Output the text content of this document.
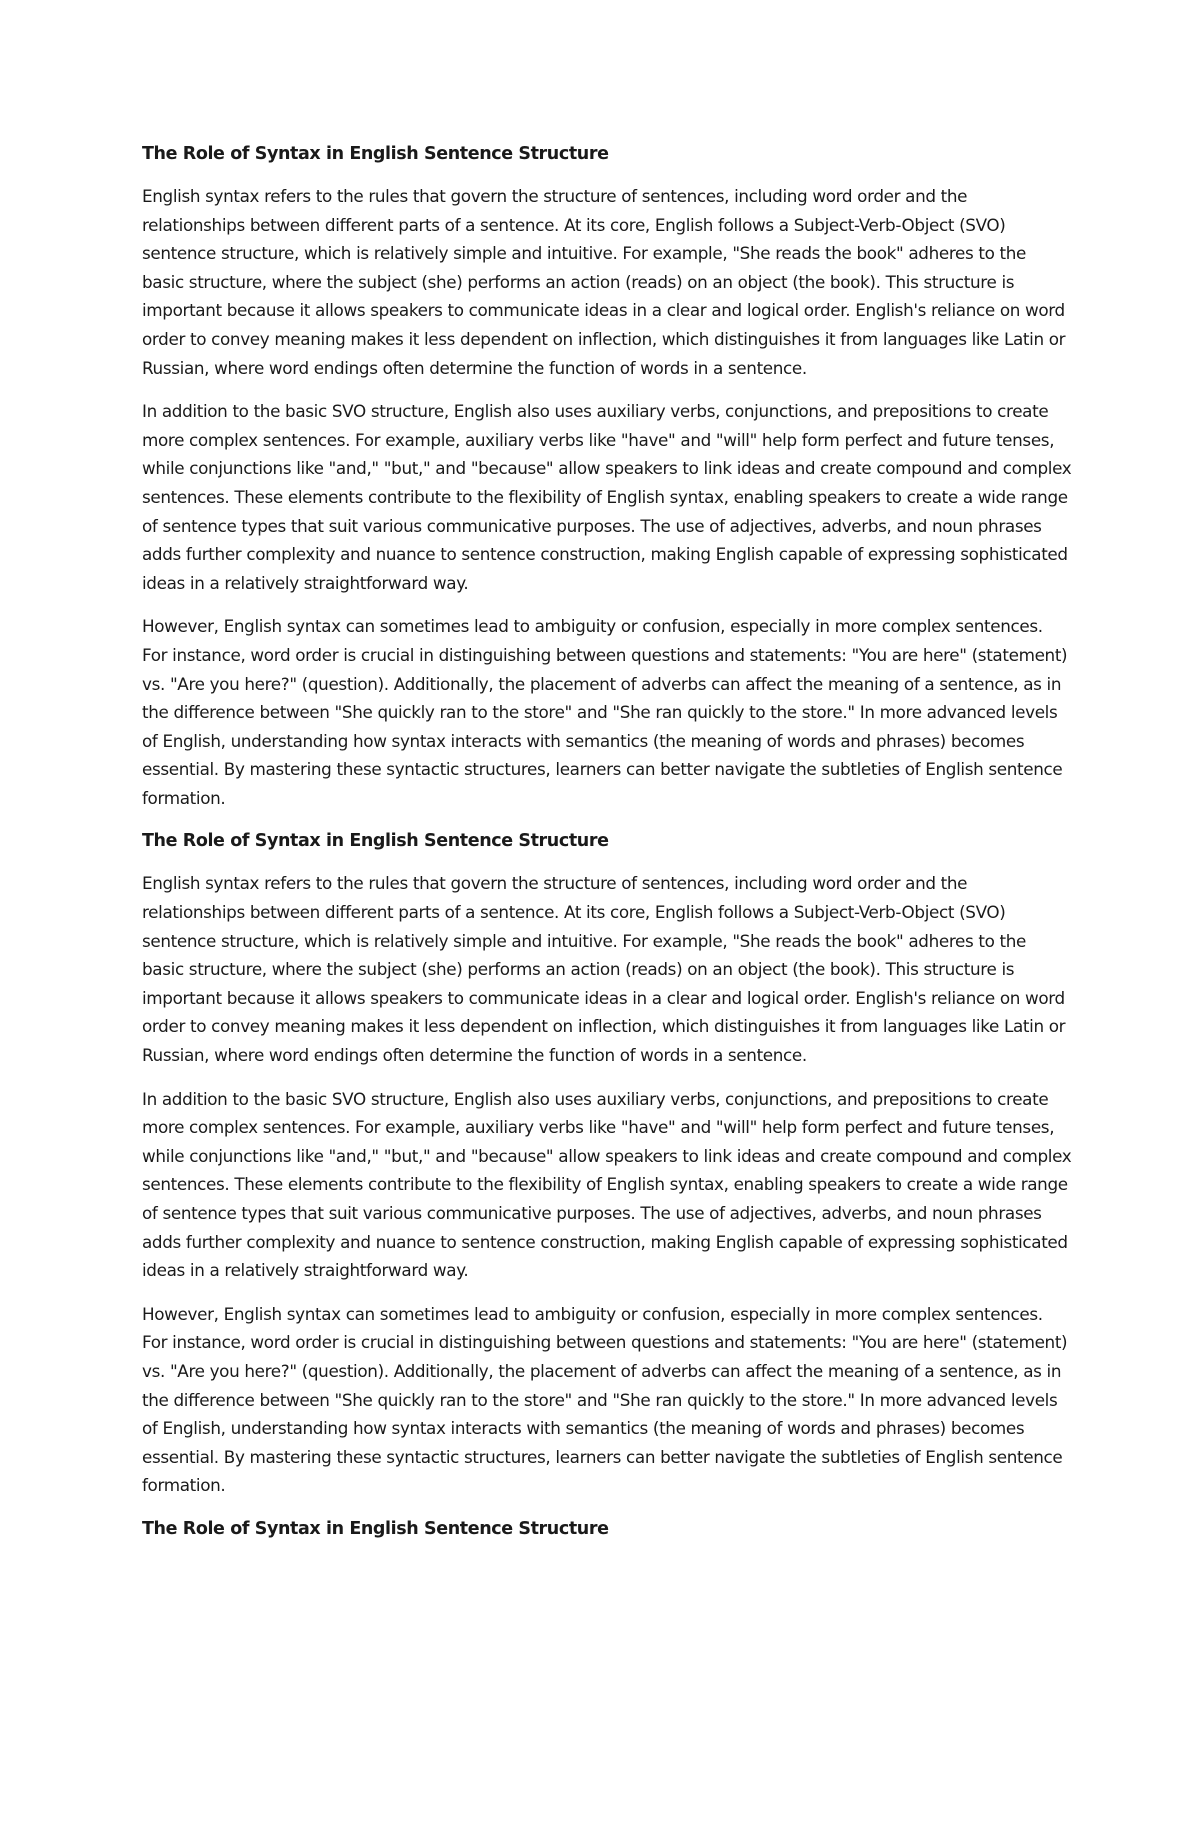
The Role of Syntax in English Sentence Structure

English syntax refers to the rules that govern the structure of sentences, including word order and the relationships between different parts of a sentence. At its core, English follows a Subject-Verb-Object (SVO) sentence structure, which is relatively simple and intuitive. For example, "She reads the book" adheres to the basic structure, where the subject (she) performs an action (reads) on an object (the book). This structure is important because it allows speakers to communicate ideas in a clear and logical order. English's reliance on word order to convey meaning makes it less dependent on inflection, which distinguishes it from languages like Latin or Russian, where word endings often determine the function of words in a sentence.

In addition to the basic SVO structure, English also uses auxiliary verbs, conjunctions, and prepositions to create more complex sentences. For example, auxiliary verbs like "have" and "will" help form perfect and future tenses, while conjunctions like "and," "but," and "because" allow speakers to link ideas and create compound and complex sentences. These elements contribute to the flexibility of English syntax, enabling speakers to create a wide range of sentence types that suit various communicative purposes. The use of adjectives, adverbs, and noun phrases adds further complexity and nuance to sentence construction, making English capable of expressing sophisticated ideas in a relatively straightforward way.

However, English syntax can sometimes lead to ambiguity or confusion, especially in more complex sentences. For instance, word order is crucial in distinguishing between questions and statements: "You are here" (statement) vs. "Are you here?" (question). Additionally, the placement of adverbs can affect the meaning of a sentence, as in the difference between "She quickly ran to the store" and "She ran quickly to the store." In more advanced levels of English, understanding how syntax interacts with semantics (the meaning of words and phrases) becomes essential. By mastering these syntactic structures, learners can better navigate the subtleties of English sentence formation.

The Role of Syntax in English Sentence Structure

English syntax refers to the rules that govern the structure of sentences, including word order and the relationships between different parts of a sentence. At its core, English follows a Subject-Verb-Object (SVO) sentence structure, which is relatively simple and intuitive. For example, "She reads the book" adheres to the basic structure, where the subject (she) performs an action (reads) on an object (the book). This structure is important because it allows speakers to communicate ideas in a clear and logical order. English's reliance on word order to convey meaning makes it less dependent on inflection, which distinguishes it from languages like Latin or Russian, where word endings often determine the function of words in a sentence.

In addition to the basic SVO structure, English also uses auxiliary verbs, conjunctions, and prepositions to create more complex sentences. For example, auxiliary verbs like "have" and "will" help form perfect and future tenses, while conjunctions like "and," "but," and "because" allow speakers to link ideas and create compound and complex sentences. These elements contribute to the flexibility of English syntax, enabling speakers to create a wide range of sentence types that suit various communicative purposes. The use of adjectives, adverbs, and noun phrases adds further complexity and nuance to sentence construction, making English capable of expressing sophisticated ideas in a relatively straightforward way.

However, English syntax can sometimes lead to ambiguity or confusion, especially in more complex sentences. For instance, word order is crucial in distinguishing between questions and statements: "You are here" (statement) vs. "Are you here?" (question). Additionally, the placement of adverbs can affect the meaning of a sentence, as in the difference between "She quickly ran to the store" and "She ran quickly to the store." In more advanced levels of English, understanding how syntax interacts with semantics (the meaning of words and phrases) becomes essential. By mastering these syntactic structures, learners can better navigate the subtleties of English sentence formation.

The Role of Syntax in English Sentence Structure
